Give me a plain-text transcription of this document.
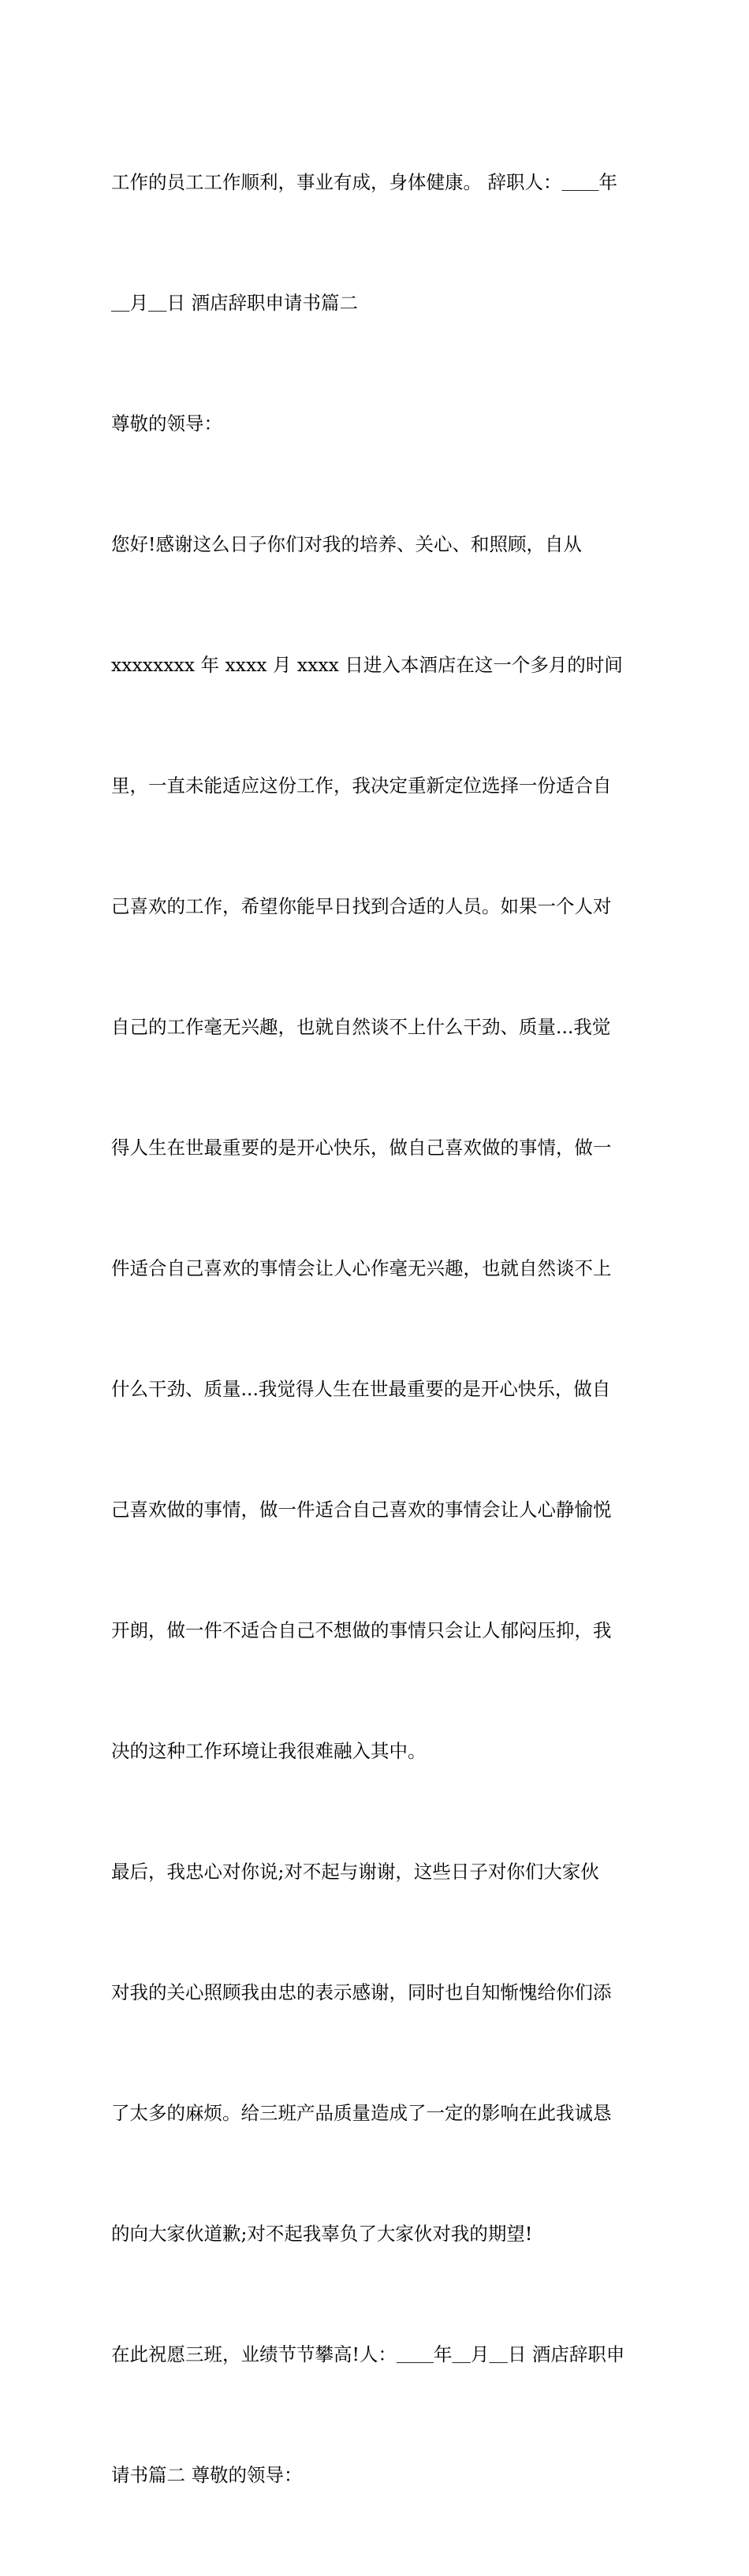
工作的员工工作顺利，事业有成，身体健康。 辞职人：＿＿年

＿月＿日 酒店辞职申请书篇二

尊敬的领导：

您好!感谢这么日子你们对我的培养、关心、和照顾，自从

xxxxxxxx 年 xxxx 月 xxxx 日进入本酒店在这一个多月的时间

里，一直未能适应这份工作，我决定重新定位选择一份适合自

己喜欢的工作，希望你能早日找到合适的人员。如果一个人对

自己的工作毫无兴趣，也就自然谈不上什么干劲、质量...我觉

得人生在世最重要的是开心快乐，做自己喜欢做的事情，做一

件适合自己喜欢的事情会让人心作毫无兴趣，也就自然谈不上

什么干劲、质量...我觉得人生在世最重要的是开心快乐，做自

己喜欢做的事情，做一件适合自己喜欢的事情会让人心静愉悦

开朗，做一件不适合自己不想做的事情只会让人郁闷压抑，我

决的这种工作环境让我很难融入其中。

最后，我忠心对你说;对不起与谢谢，这些日子对你们大家伙

对我的关心照顾我由忠的表示感谢，同时也自知惭愧给你们添

了太多的麻烦。给三班产品质量造成了一定的影响在此我诚恳

的向大家伙道歉;对不起我辜负了大家伙对我的期望!

在此祝愿三班，业绩节节攀高!人：＿＿年＿月＿日 酒店辞职申

请书篇二 尊敬的领导：
